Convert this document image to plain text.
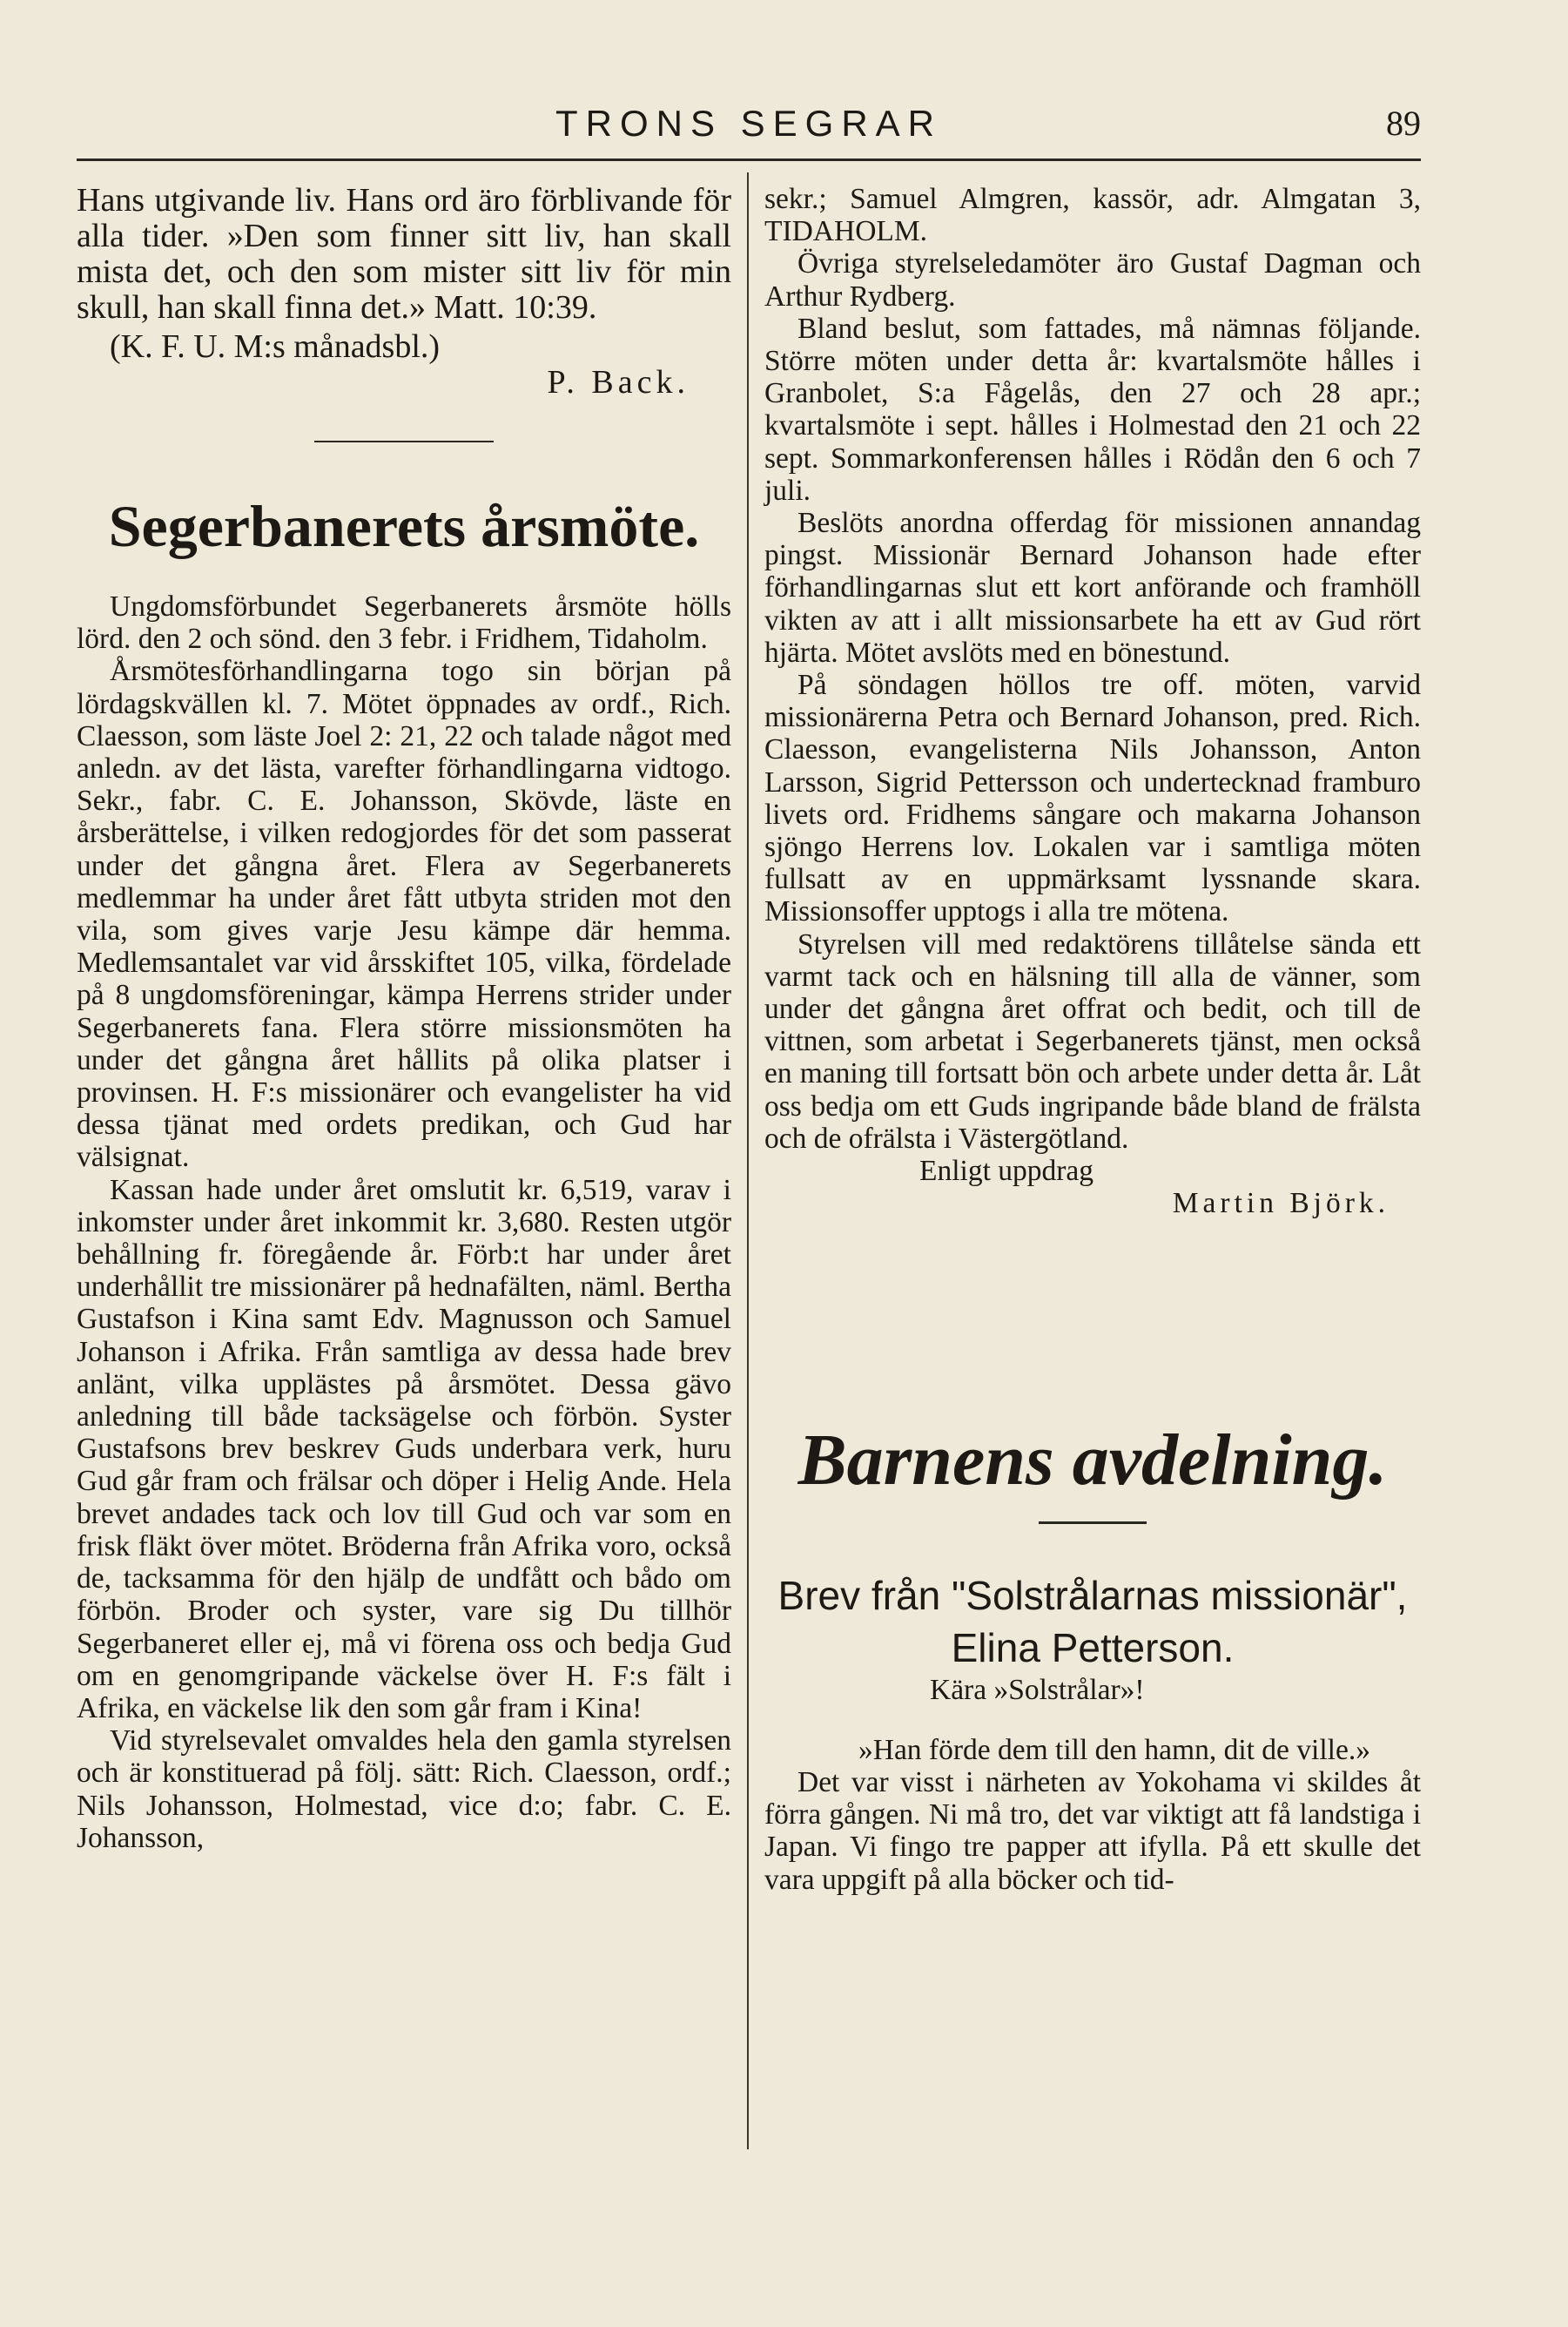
TRONS SEGRAR	89

Hans utgivande liv. Hans ord äro förblivande för alla tider. »Den som finner sitt liv, han skall mista det, och den som mister sitt liv för min skull, han skall finna det.» Matt. 10:39.

(K. F. U. M:s månadsbl.)

P. Back.

Segerbanerets årsmöte.

Ungdomsförbundet Segerbanerets årsmöte hölls lörd. den 2 och sönd. den 3 febr. i Fridhem, Tidaholm.

Årsmötesförhandlingarna togo sin början på lördagskvällen kl. 7. Mötet öppnades av ordf., Rich. Claesson, som läste Joel 2: 21, 22 och talade något med anledn. av det lästa, varefter förhandlingarna vidtogo. Sekr., fabr. C. E. Johansson, Skövde, läste en årsberättelse, i vilken redogjordes för det som passerat under det gångna året. Flera av Segerbanerets medlemmar ha under året fått utbyta striden mot den vila, som gives varje Jesu kämpe där hemma. Medlemsantalet var vid årsskiftet 105, vilka, fördelade på 8 ungdomsföreningar, kämpa Herrens strider under Segerbanerets fana. Flera större missionsmöten ha under det gångna året hållits på olika platser i provinsen. H. F:s missionärer och evangelister ha vid dessa tjänat med ordets predikan, och Gud har välsignat.

Kassan hade under året omslutit kr. 6,519, varav i inkomster under året inkommit kr. 3,680. Resten utgör behållning fr. föregående år. Förb:t har under året underhållit tre missionärer på hednafälten, näml. Bertha Gustafson i Kina samt Edv. Magnusson och Samuel Johanson i Afrika. Från samtliga av dessa hade brev anlänt, vilka upplästes på årsmötet. Dessa gävo anledning till både tacksägelse och förbön. Syster Gustafsons brev beskrev Guds underbara verk, huru Gud går fram och frälsar och döper i Helig Ande. Hela brevet andades tack och lov till Gud och var som en frisk fläkt över mötet. Bröderna från Afrika voro, också de, tacksamma för den hjälp de undfått och bådo om förbön. Broder och syster, vare sig Du tillhör Segerbaneret eller ej, må vi förena oss och bedja Gud om en genomgripande väckelse över H. F:s fält i Afrika, en väckelse lik den som går fram i Kina!

Vid styrelsevalet omvaldes hela den gamla styrelsen och är konstituerad på följ. sätt: Rich. Claesson, ordf.; Nils Johansson, Holmestad, vice d:o; fabr. C. E. Johansson,

sekr.; Samuel Almgren, kassör, adr. Almgatan 3, TIDAHOLM.

Övriga styrelseledamöter äro Gustaf Dagman och Arthur Rydberg.

Bland beslut, som fattades, må nämnas följande. Större möten under detta år: kvartalsmöte hålles i Granbolet, S:a Fågelås, den 27 och 28 apr.; kvartalsmöte i sept. hålles i Holmestad den 21 och 22 sept. Sommarkonferensen hålles i Rödån den 6 och 7 juli.

Beslöts anordna offerdag för missionen annandag pingst. Missionär Bernard Johanson hade efter förhandlingarnas slut ett kort anförande och framhöll vikten av att i allt missionsarbete ha ett av Gud rört hjärta. Mötet avslöts med en bönestund.

På söndagen höllos tre off. möten, varvid missionärerna Petra och Bernard Johanson, pred. Rich. Claesson, evangelisterna Nils Johansson, Anton Larsson, Sigrid Pettersson och undertecknad framburo livets ord. Fridhems sångare och makarna Johanson sjöngo Herrens lov. Lokalen var i samtliga möten fullsatt av en uppmärksamt lyssnande skara. Missionsoffer upptogs i alla tre mötena.

Styrelsen vill med redaktörens tillåtelse sända ett varmt tack och en hälsning till alla de vänner, som under det gångna året offrat och bedit, och till de vittnen, som arbetat i Segerbanerets tjänst, men också en maning till fortsatt bön och arbete under detta år. Låt oss bedja om ett Guds ingripande både bland de frälsta och de ofrälsta i Västergötland.

Enligt uppdrag

Martin Björk.

Barnens avdelning.

Brev från "Solstrålarnas missionär", Elina Petterson.

Kära »Solstrålar»!

»Han förde dem till den hamn, dit de ville.»

Det var visst i närheten av Yokohama vi skildes åt förra gången. Ni må tro, det var viktigt att få landstiga i Japan. Vi fingo tre papper att ifylla. På ett skulle det vara uppgift på alla böcker och tid-
